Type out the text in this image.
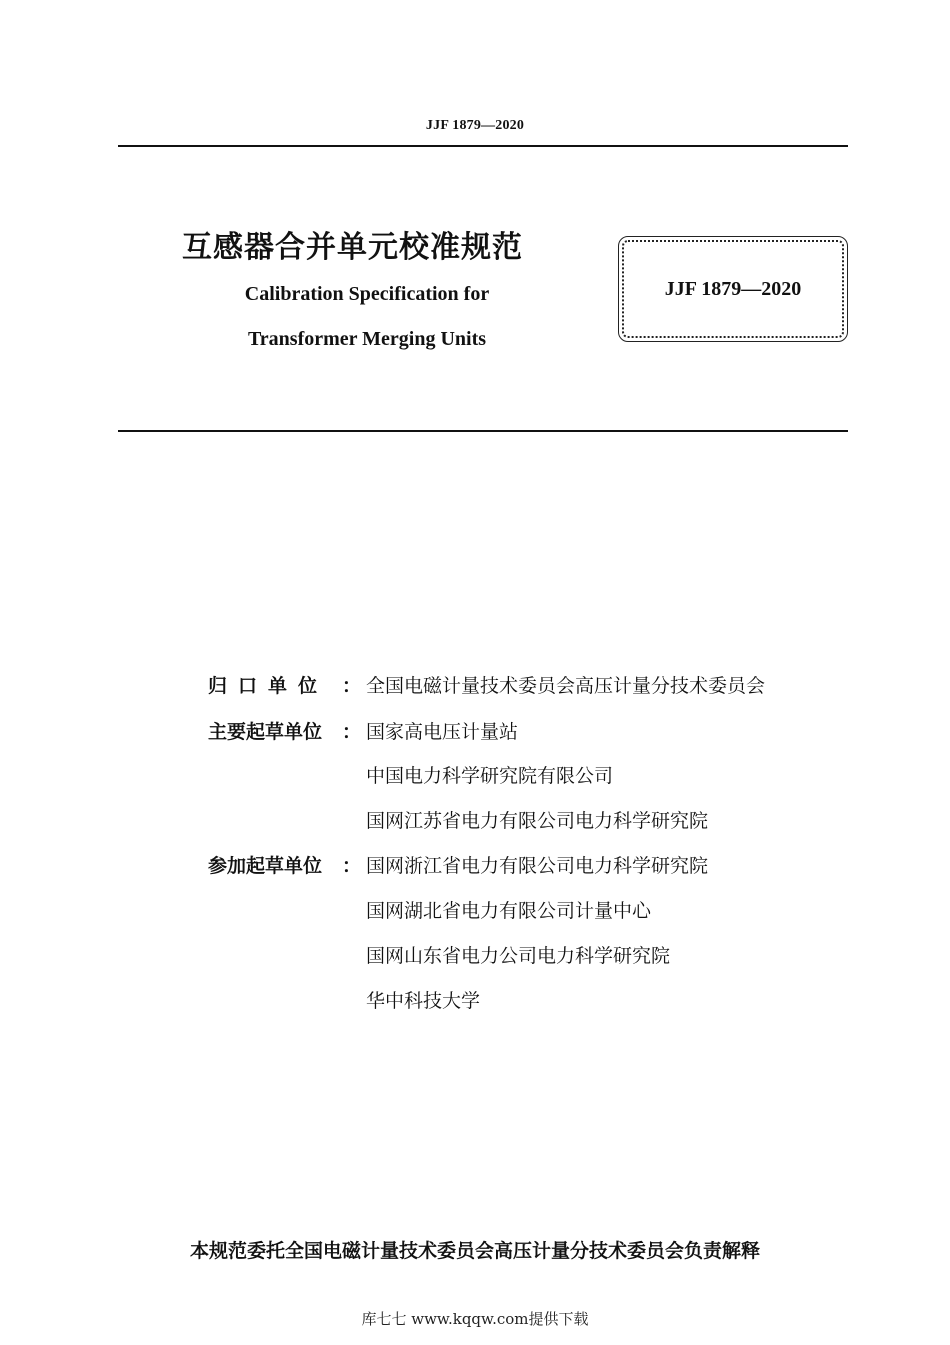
JJF 1879—2020
互感器合并单元校准规范
Calibration Specification for
Transformer Merging Units
JJF 1879—2020
归口单位 ： 全国电磁计量技术委员会高压计量分技术委员会
主要起草单位	： 国家高电压计量站
中国电力科学研究院有限公司
国网江苏省电力有限公司电力科学研究院
参加起草单位	： 国网浙江省电力有限公司电力科学研究院
国网湖北省电力有限公司计量中心
国网山东省电力公司电力科学研究院
华中科技大学
本规范委托全国电磁计量技术委员会高压计量分技术委员会负责解释
库七七 www.kqqw.com提供下载
